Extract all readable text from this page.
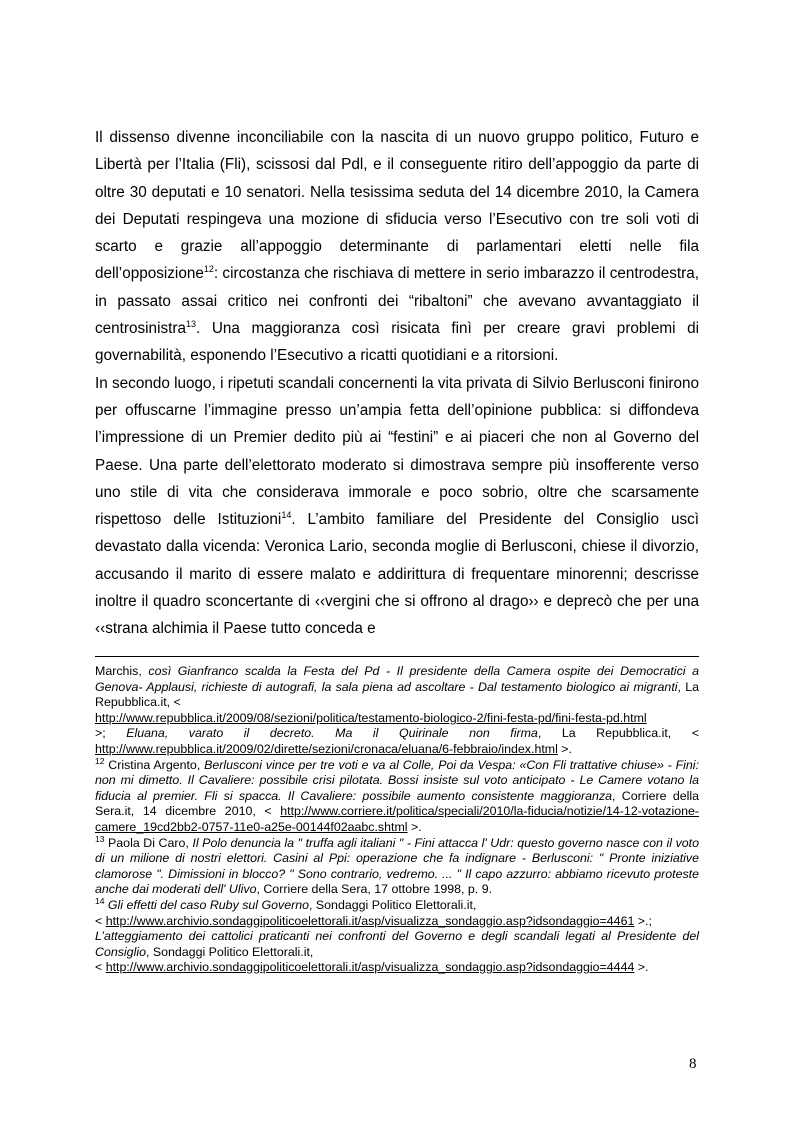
Il dissenso divenne inconciliabile con la nascita di un nuovo gruppo politico, Futuro e Libertà per l’Italia (Fli), scissosi dal Pdl, e il conseguente ritiro dell’appoggio da parte di oltre 30 deputati e 10 senatori. Nella tesissima seduta del 14 dicembre 2010, la Camera dei Deputati respingeva una mozione di sfiducia verso l’Esecutivo con tre soli voti di scarto e grazie all’appoggio determinante di parlamentari eletti nelle fila dell’opposizione$^{12}$: circostanza che rischiava di mettere in serio imbarazzo il centrodestra, in passato assai critico nei confronti dei “ribaltoni” che avevano avvantaggiato il centrosinistra$^{13}$. Una maggioranza così risicata finì per creare gravi problemi di governabilità, esponendo l’Esecutivo a ricatti quotidiani e a ritorsioni.

In secondo luogo, i ripetuti scandali concernenti la vita privata di Silvio Berlusconi finirono per offuscarne l’immagine presso un’ampia fetta dell’opinione pubblica: si diffondeva l’impressione di un Premier dedito più ai “festini” e ai piaceri che non al Governo del Paese. Una parte dell’elettorato moderato si dimostrava sempre più insofferente verso uno stile di vita che considerava immorale e poco sobrio, oltre che scarsamente rispettoso delle Istituzioni$^{14}$. L’ambito familiare del Presidente del Consiglio uscì devastato dalla vicenda: Veronica Lario, seconda moglie di Berlusconi, chiese il divorzio, accusando il marito di essere malato e addirittura di frequentare minorenni; descrisse inoltre il quadro sconcertante di ‹‹vergini che si offrono al drago›› e deprecò che per una ‹‹strana alchimia il Paese tutto conceda e

Marchis, così Gianfranco scalda la Festa del Pd - Il presidente della Camera ospite dei Democratici a Genova- Applausi, richieste di autografi, la sala piena ad ascoltare - Dal testamento biologico ai migranti, La Repubblica.it, <
http://www.repubblica.it/2009/08/sezioni/politica/testamento-biologico-2/fini-festa-pd/fini-festa-pd.html
>; Eluana, varato il decreto. Ma il Quirinale non firma, La Repubblica.it, < http://www.repubblica.it/2009/02/dirette/sezioni/cronaca/eluana/6-febbraio/index.html >.

$^{12}$ Cristina Argento, Berlusconi vince per tre voti e va al Colle, Poi da Vespa: «Con Fli trattative chiuse» - Fini: non mi dimetto. Il Cavaliere: possibile crisi pilotata. Bossi insiste sul voto anticipato - Le Camere votano la fiducia al premier. Fli si spacca. Il Cavaliere: possibile aumento consistente maggioranza, Corriere della Sera.it, 14 dicembre 2010, < http://www.corriere.it/politica/speciali/2010/la-fiducia/notizie/14-12-votazione-camere_19cd2bb2-0757-11e0-a25e-00144f02aabc.shtml >.

$^{13}$ Paola Di Caro, Il Polo denuncia la " truffa agli italiani " - Fini attacca l' Udr: questo governo nasce con il voto di un milione di nostri elettori. Casini al Ppi: operazione che fa indignare - Berlusconi: " Pronte iniziative clamorose ". Dimissioni in blocco? " Sono contrario, vedremo. ... " Il capo azzurro: abbiamo ricevuto proteste anche dai moderati dell' Ulivo, Corriere della Sera, 17 ottobre 1998, p. 9.

$^{14}$ Gli effetti del caso Ruby sul Governo, Sondaggi Politico Elettorali.it,
< http://www.archivio.sondaggipoliticoelettorali.it/asp/visualizza_sondaggio.asp?idsondaggio=4461 >.;
L’atteggiamento dei cattolici praticanti nei confronti del Governo e degli scandali legati al Presidente del Consiglio, Sondaggi Politico Elettorali.it,
< http://www.archivio.sondaggipoliticoelettorali.it/asp/visualizza_sondaggio.asp?idsondaggio=4444 >.

8
